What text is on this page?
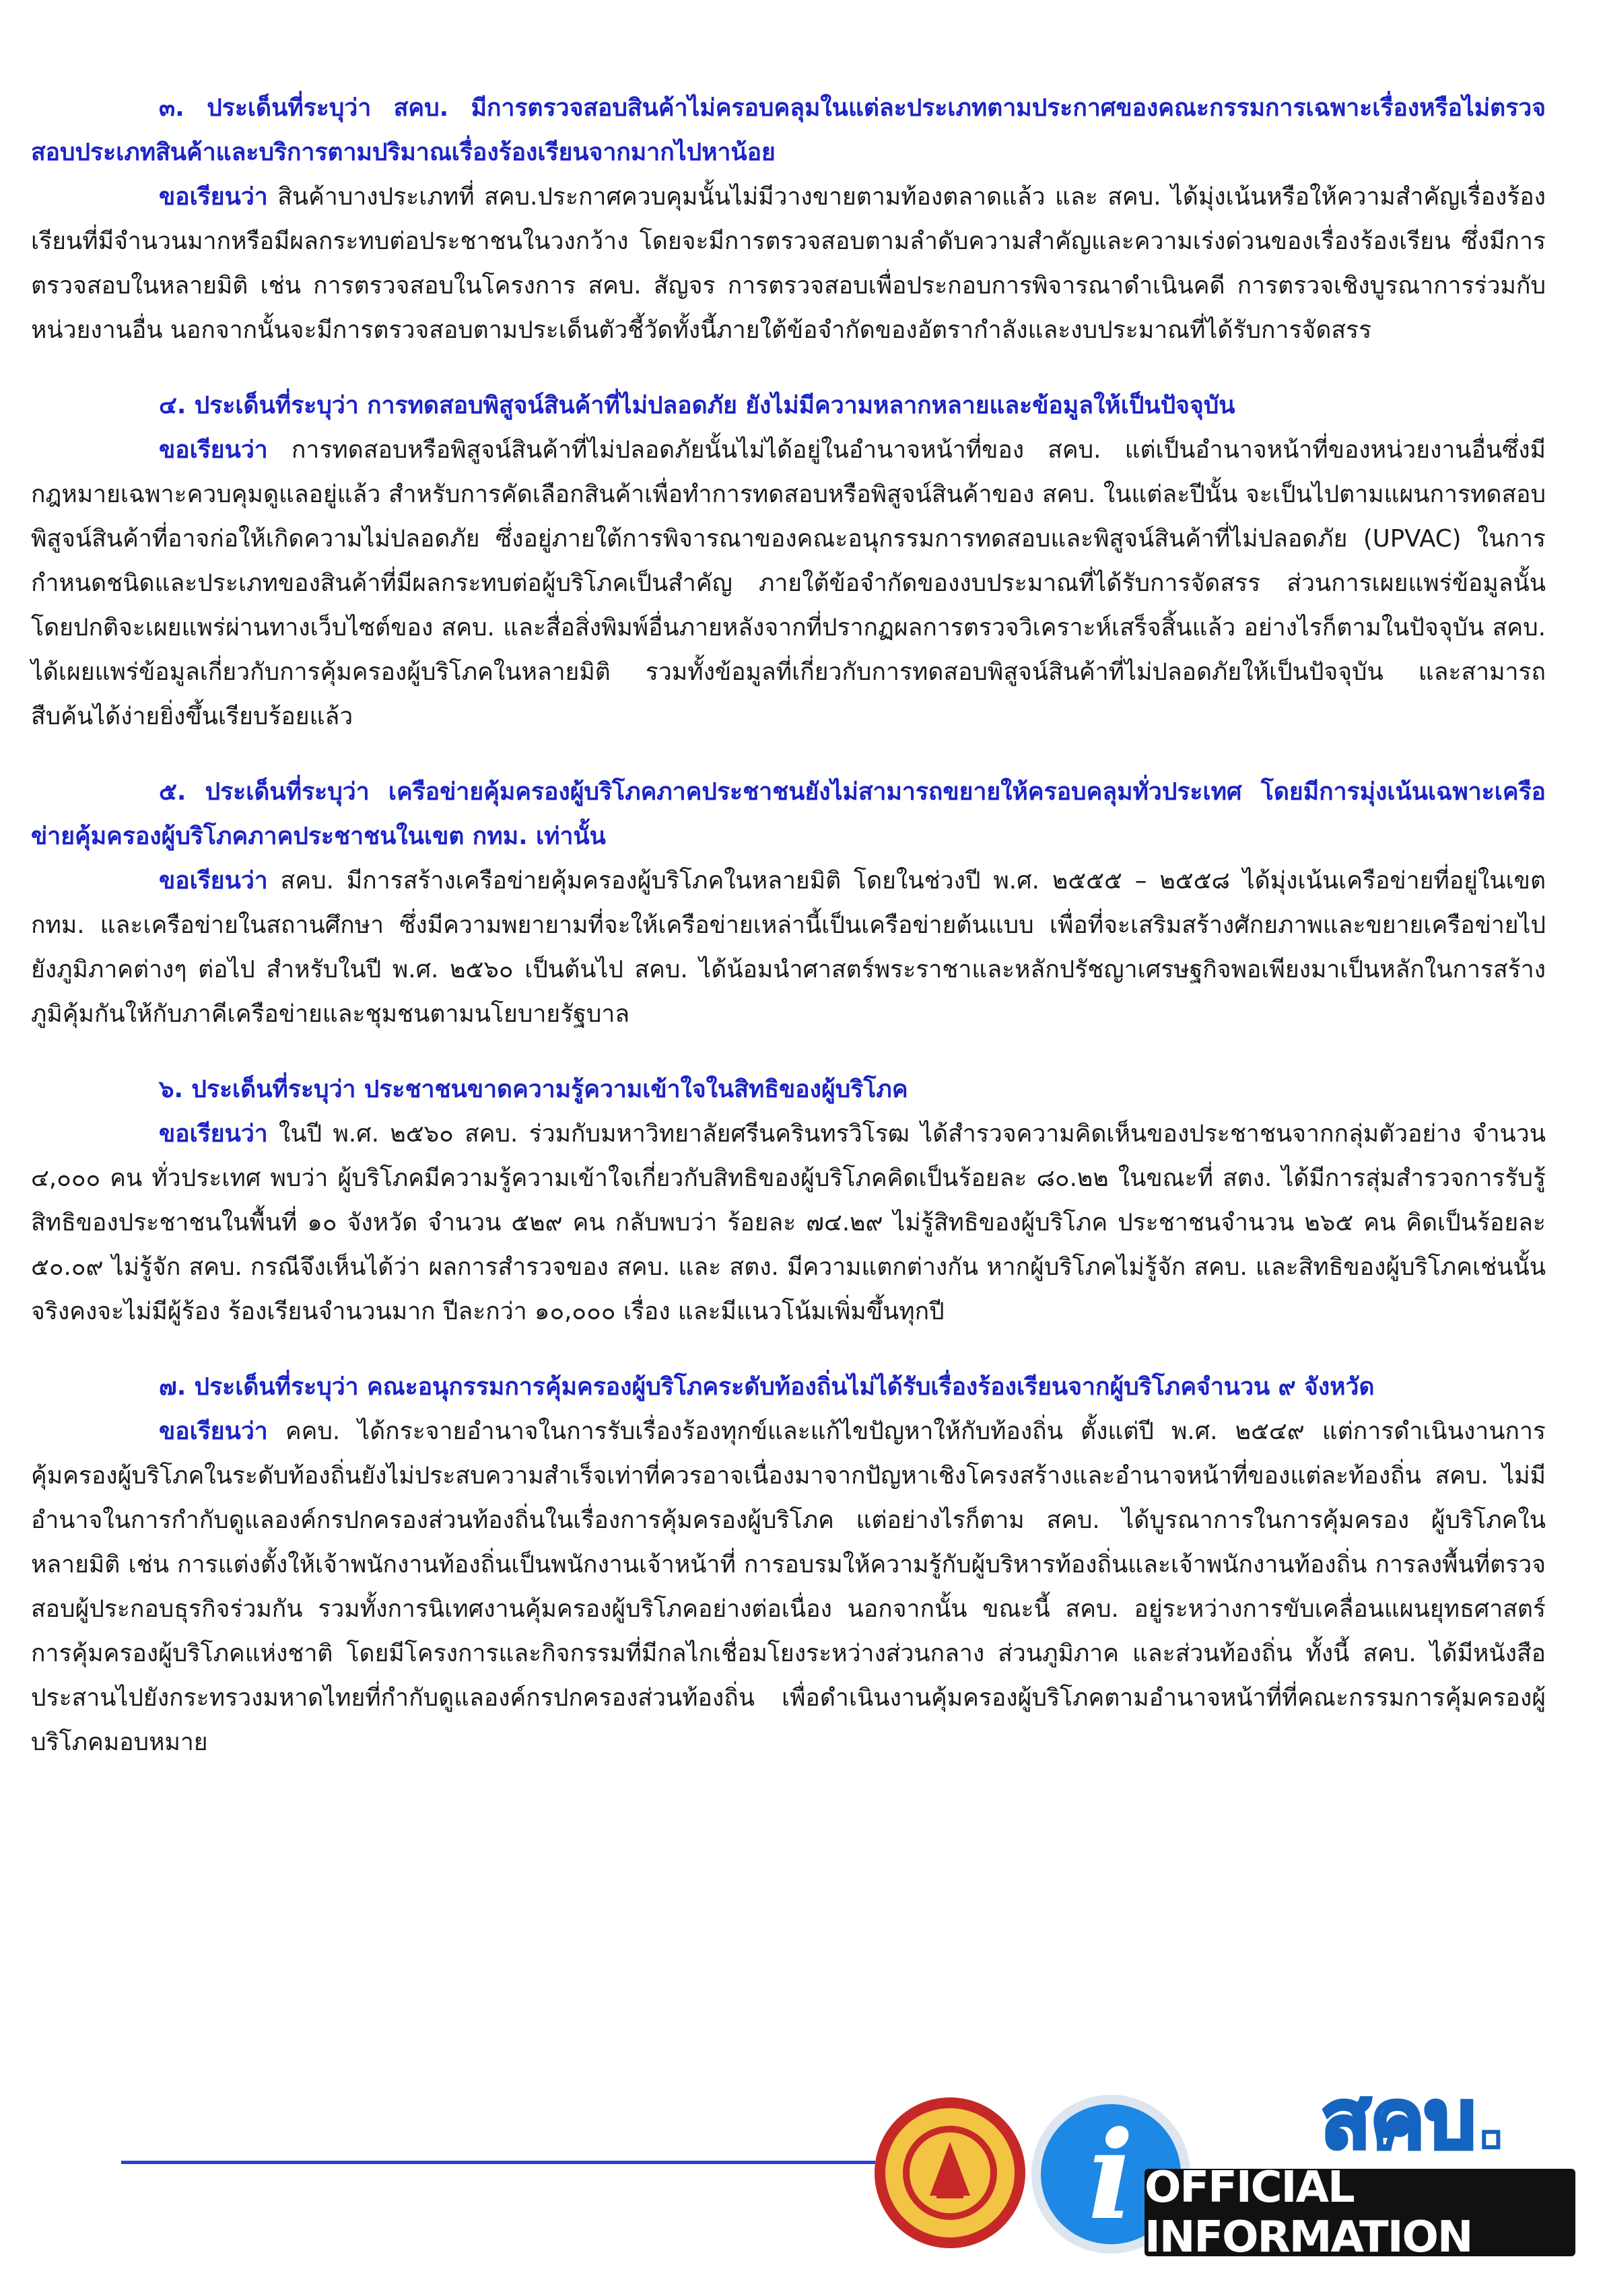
๓. ประเด็นที่ระบุว่า สคบ. มีการตรวจสอบสินค้าไม่ครอบคลุมในแต่ละประเภทตามประกาศของคณะกรรมการเฉพาะเรื่องหรือไม่ตรวจสอบประเภทสินค้าและบริการตามปริมาณเรื่องร้องเรียนจากมากไปหาน้อย

ขอเรียนว่า สินค้าบางประเภทที่ สคบ.ประกาศควบคุมนั้นไม่มีวางขายตามท้องตลาดแล้ว และ สคบ. ได้มุ่งเน้นหรือให้ความสำคัญเรื่องร้องเรียนที่มีจำนวนมากหรือมีผลกระทบต่อประชาชนในวงกว้าง โดยจะมีการตรวจสอบตามลำดับความสำคัญและความเร่งด่วนของเรื่องร้องเรียน ซึ่งมีการตรวจสอบในหลายมิติ เช่น การตรวจสอบในโครงการ สคบ. สัญจร การตรวจสอบเพื่อประกอบการพิจารณาดำเนินคดี การตรวจเชิงบูรณาการร่วมกับหน่วยงานอื่น นอกจากนั้นจะมีการตรวจสอบตามประเด็นตัวชี้วัดทั้งนี้ภายใต้ข้อจำกัดของอัตรากำลังและงบประมาณที่ได้รับการจัดสรร

๔. ประเด็นที่ระบุว่า การทดสอบพิสูจน์สินค้าที่ไม่ปลอดภัย ยังไม่มีความหลากหลายและข้อมูลให้เป็นปัจจุบัน

ขอเรียนว่า การทดสอบหรือพิสูจน์สินค้าที่ไม่ปลอดภัยนั้นไม่ได้อยู่ในอำนาจหน้าที่ของ สคบ. แต่เป็นอำนาจหน้าที่ของหน่วยงานอื่นซึ่งมีกฎหมายเฉพาะควบคุมดูแลอยู่แล้ว สำหรับการคัดเลือกสินค้าเพื่อทำการทดสอบหรือพิสูจน์สินค้าของ สคบ. ในแต่ละปีนั้น จะเป็นไปตามแผนการทดสอบพิสูจน์สินค้าที่อาจก่อให้เกิดความไม่ปลอดภัย ซึ่งอยู่ภายใต้การพิจารณาของคณะอนุกรรมการทดสอบและพิสูจน์สินค้าที่ไม่ปลอดภัย (UPVAC) ในการกำหนดชนิดและประเภทของสินค้าที่มีผลกระทบต่อผู้บริโภคเป็นสำคัญ ภายใต้ข้อจำกัดของงบประมาณที่ได้รับการจัดสรร ส่วนการเผยแพร่ข้อมูลนั้นโดยปกติจะเผยแพร่ผ่านทางเว็บไซต์ของ สคบ. และสื่อสิ่งพิมพ์อื่นภายหลังจากที่ปรากฏผลการตรวจวิเคราะห์เสร็จสิ้นแล้ว อย่างไรก็ตามในปัจจุบัน สคบ. ได้เผยแพร่ข้อมูลเกี่ยวกับการคุ้มครองผู้บริโภคในหลายมิติ รวมทั้งข้อมูลที่เกี่ยวกับการทดสอบพิสูจน์สินค้าที่ไม่ปลอดภัยให้เป็นปัจจุบัน และสามารถสืบค้นได้ง่ายยิ่งขึ้นเรียบร้อยแล้ว

๕. ประเด็นที่ระบุว่า เครือข่ายคุ้มครองผู้บริโภคภาคประชาชนยังไม่สามารถขยายให้ครอบคลุมทั่วประเทศ โดยมีการมุ่งเน้นเฉพาะเครือข่ายคุ้มครองผู้บริโภคภาคประชาชนในเขต กทม. เท่านั้น

ขอเรียนว่า สคบ. มีการสร้างเครือข่ายคุ้มครองผู้บริโภคในหลายมิติ โดยในช่วงปี พ.ศ. ๒๕๕๕ – ๒๕๕๘ ได้มุ่งเน้นเครือข่ายที่อยู่ในเขต กทม. และเครือข่ายในสถานศึกษา ซึ่งมีความพยายามที่จะให้เครือข่ายเหล่านี้เป็นเครือข่ายต้นแบบ เพื่อที่จะเสริมสร้างศักยภาพและขยายเครือข่ายไปยังภูมิภาคต่างๆ ต่อไป สำหรับในปี พ.ศ. ๒๕๖๐ เป็นต้นไป สคบ. ได้น้อมนำศาสตร์พระราชาและหลักปรัชญาเศรษฐกิจพอเพียงมาเป็นหลักในการสร้างภูมิคุ้มกันให้กับภาคีเครือข่ายและชุมชนตามนโยบายรัฐบาล

๖. ประเด็นที่ระบุว่า ประชาชนขาดความรู้ความเข้าใจในสิทธิของผู้บริโภค

ขอเรียนว่า ในปี พ.ศ. ๒๕๖๐ สคบ. ร่วมกับมหาวิทยาลัยศรีนครินทรวิโรฒ ได้สำรวจความคิดเห็นของประชาชนจากกลุ่มตัวอย่าง จำนวน ๔,๐๐๐ คน ทั่วประเทศ พบว่า ผู้บริโภคมีความรู้ความเข้าใจเกี่ยวกับสิทธิของผู้บริโภคคิดเป็นร้อยละ ๘๐.๒๒ ในขณะที่ สตง. ได้มีการสุ่มสำรวจการรับรู้สิทธิของประชาชนในพื้นที่ ๑๐ จังหวัด จำนวน ๕๒๙ คน กลับพบว่า ร้อยละ ๗๔.๒๙ ไม่รู้สิทธิของผู้บริโภค ประชาชนจำนวน ๒๖๕ คน คิดเป็นร้อยละ ๕๐.๐๙ ไม่รู้จัก สคบ. กรณีจึงเห็นได้ว่า ผลการสำรวจของ สคบ. และ สตง. มีความแตกต่างกัน หากผู้บริโภคไม่รู้จัก สคบ. และสิทธิของผู้บริโภคเช่นนั้นจริงคงจะไม่มีผู้ร้อง ร้องเรียนจำนวนมาก ปีละกว่า ๑๐,๐๐๐ เรื่อง และมีแนวโน้มเพิ่มขึ้นทุกปี

๗. ประเด็นที่ระบุว่า คณะอนุกรรมการคุ้มครองผู้บริโภคระดับท้องถิ่นไม่ได้รับเรื่องร้องเรียนจากผู้บริโภคจำนวน ๙ จังหวัด

ขอเรียนว่า คคบ. ได้กระจายอำนาจในการรับเรื่องร้องทุกข์และแก้ไขปัญหาให้กับท้องถิ่น ตั้งแต่ปี พ.ศ. ๒๕๔๙ แต่การดำเนินงานการคุ้มครองผู้บริโภคในระดับท้องถิ่นยังไม่ประสบความสำเร็จเท่าที่ควรอาจเนื่องมาจากปัญหาเชิงโครงสร้างและอำนาจหน้าที่ของแต่ละท้องถิ่น สคบ. ไม่มีอำนาจในการกำกับดูแลองค์กรปกครองส่วนท้องถิ่นในเรื่องการคุ้มครองผู้บริโภค แต่อย่างไรก็ตาม สคบ. ได้บูรณาการในการคุ้มครอง ผู้บริโภคในหลายมิติ เช่น การแต่งตั้งให้เจ้าพนักงานท้องถิ่นเป็นพนักงานเจ้าหน้าที่ การอบรมให้ความรู้กับผู้บริหารท้องถิ่นและเจ้าพนักงานท้องถิ่น การลงพื้นที่ตรวจสอบผู้ประกอบธุรกิจร่วมกัน รวมทั้งการนิเทศงานคุ้มครองผู้บริโภคอย่างต่อเนื่อง นอกจากนั้น ขณะนี้ สคบ. อยู่ระหว่างการขับเคลื่อนแผนยุทธศาสตร์การคุ้มครองผู้บริโภคแห่งชาติ โดยมีโครงการและกิจกรรมที่มีกลไกเชื่อมโยงระหว่างส่วนกลาง ส่วนภูมิภาค และส่วนท้องถิ่น ทั้งนี้ สคบ. ได้มีหนังสือประสานไปยังกระทรวงมหาดไทยที่กำกับดูแลองค์กรปกครองส่วนท้องถิ่น เพื่อดำเนินงานคุ้มครองผู้บริโภคตามอำนาจหน้าที่ที่คณะกรรมการคุ้มครองผู้บริโภคมอบหมาย

i สคบ.
OFFICIAL INFORMATION
